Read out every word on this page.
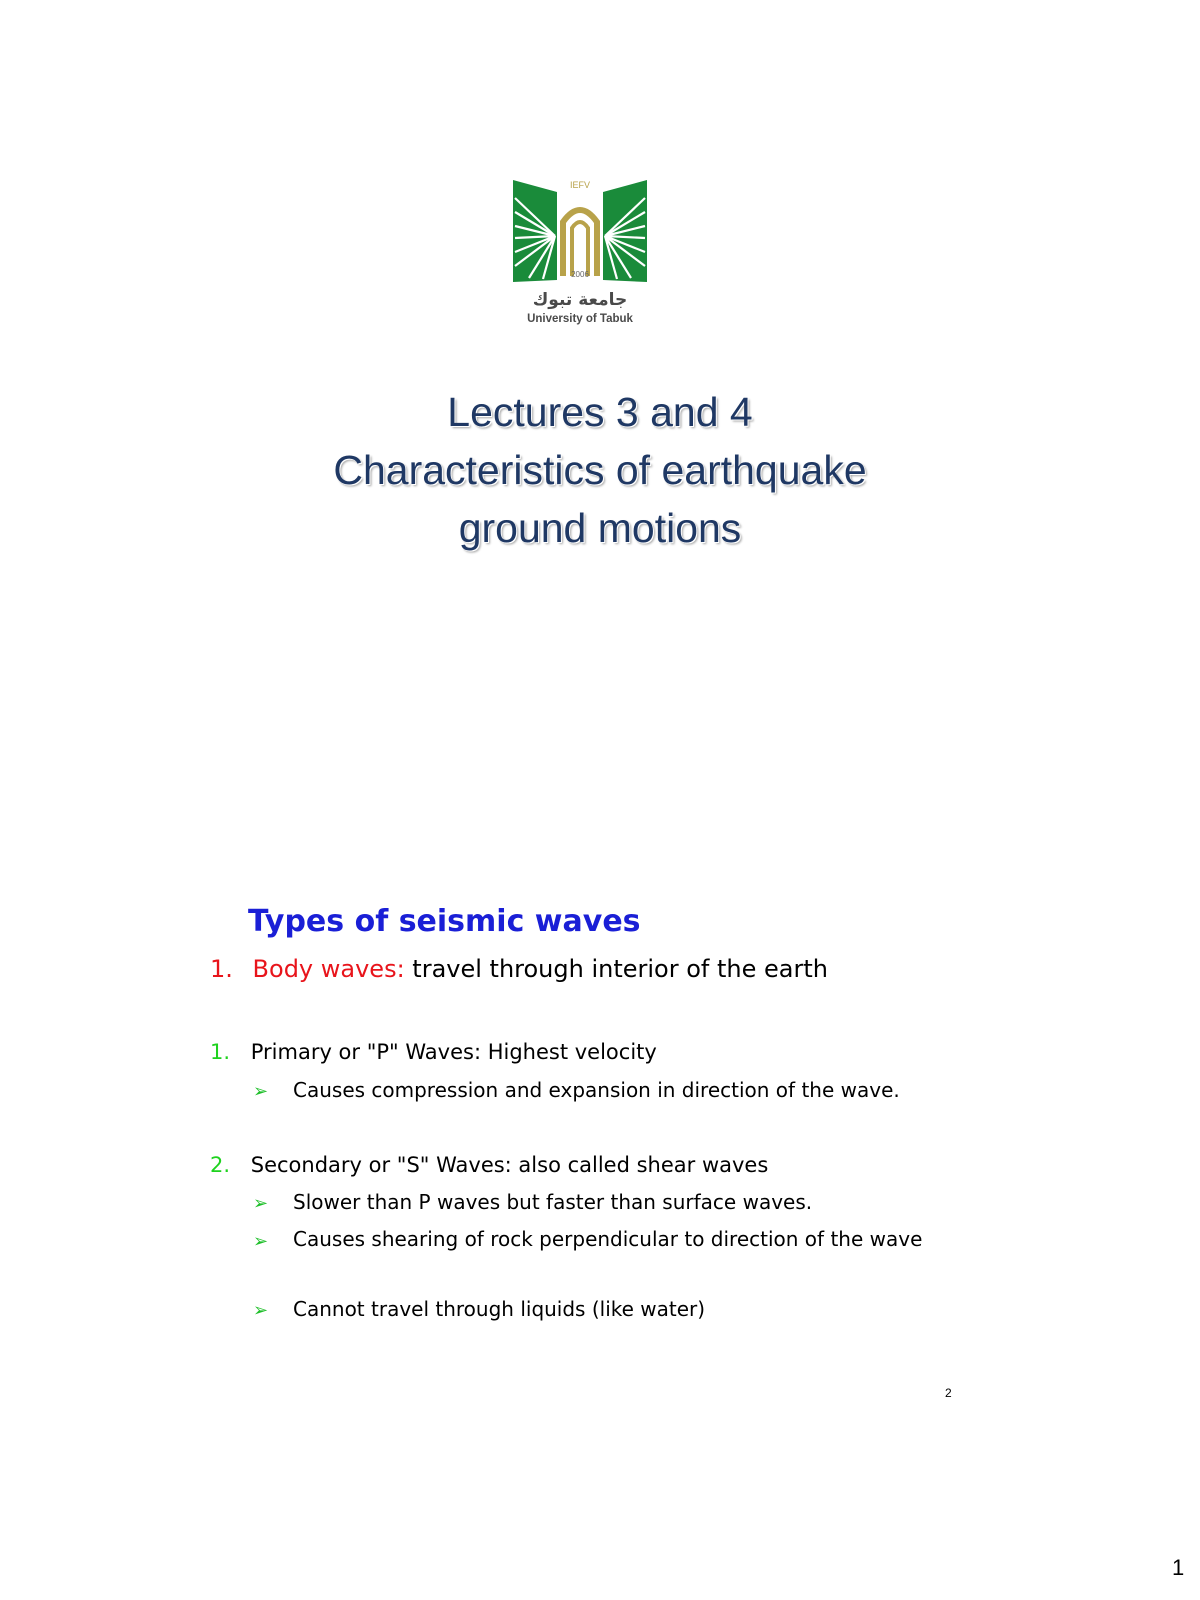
IEFV
2006
جامعة تبوك
University of Tabuk
Lectures 3 and 4
Characteristics of earthquake
ground motions
Types of seismic waves
1. Body waves: travel through interior of the earth
1. Primary or "P" Waves: Highest velocity
➢ Causes compression and expansion in direction of the wave.
2. Secondary or "S" Waves: also called shear waves
➢ Slower than P waves but faster than surface waves.
➢ Causes shearing of rock perpendicular to direction of the wave
➢ Cannot travel through liquids (like water)
2
1
